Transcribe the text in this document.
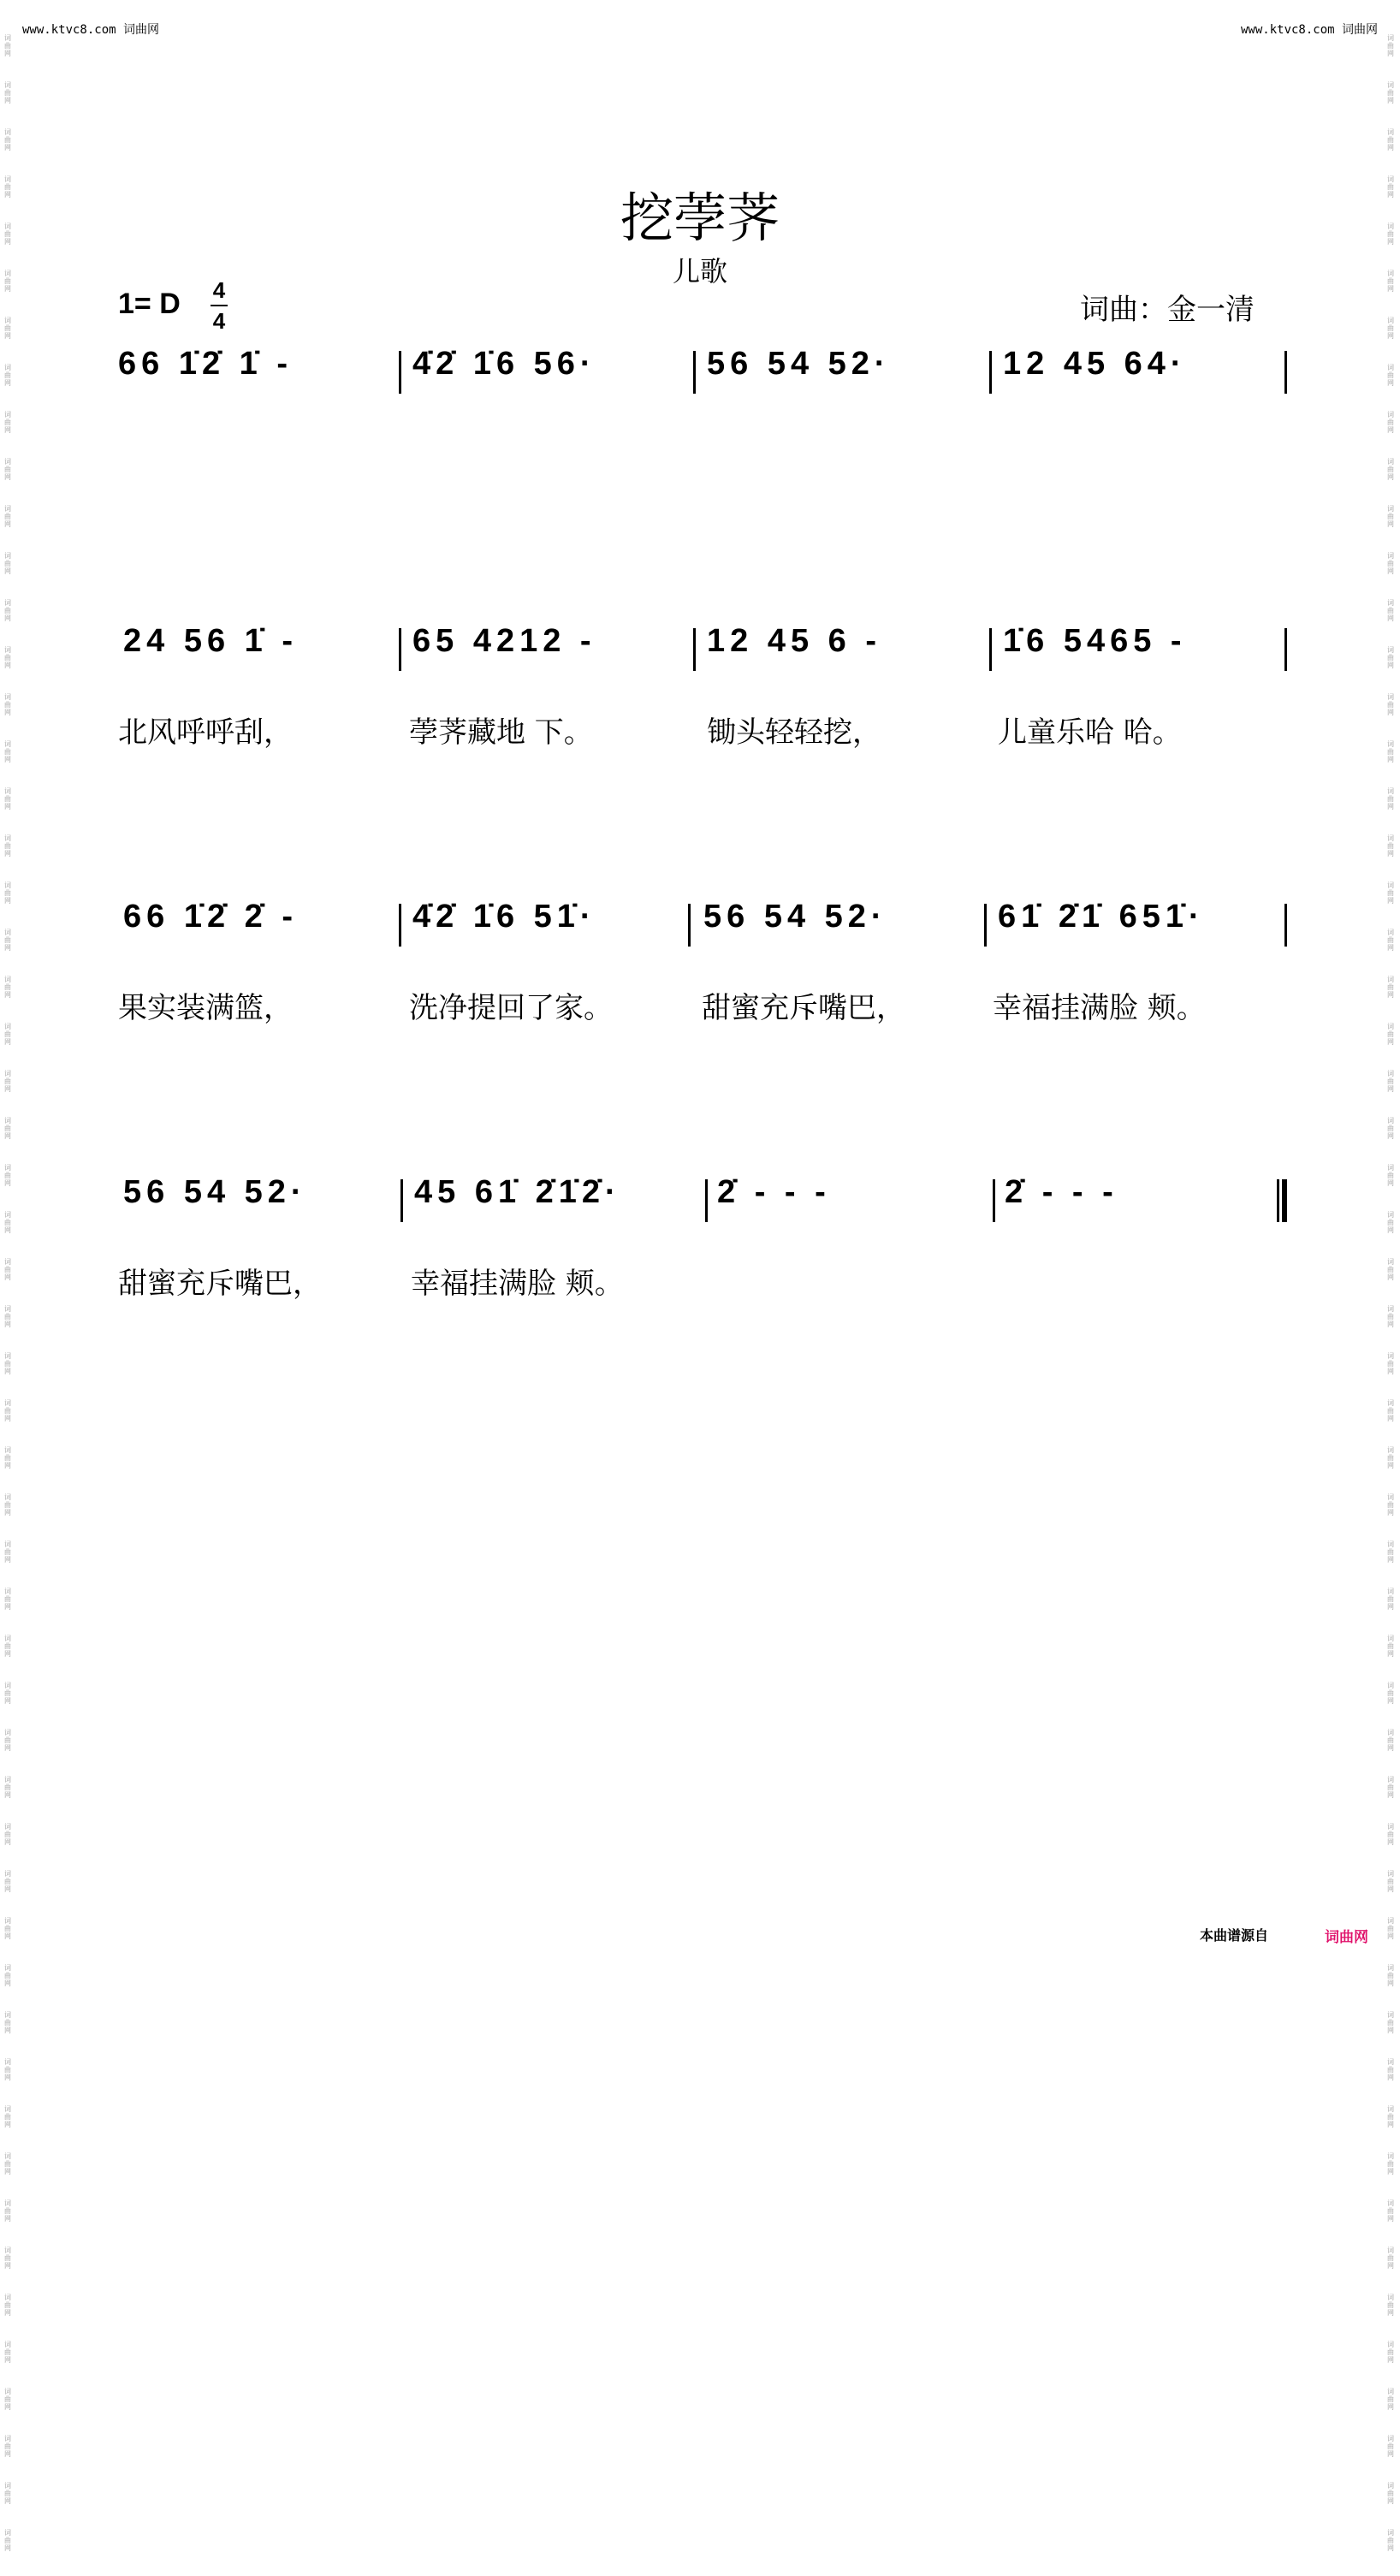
www.ktvc8.com 词曲网	www.ktvc8.com 词曲网
词
曲
网
词
曲
网
词
曲
网
词
曲
网
词
曲
网
词
曲
网
词
曲
网
词
曲
网
词
曲
网
词
曲
网
词
曲
网
词
曲
网
词
曲
网
词
曲
网
词
曲
网
词
曲
网
词
曲
网
词
曲
网
词
曲
网
词
曲
网
词
曲
网
词
曲
网
词
曲
网
词
曲
网
词
曲
网
词
曲
网
词
曲
网
词
曲
网
词
曲
网
词
曲
网
词
曲
网
词
曲
网
词
曲
网
词
曲
网
词
曲
网
词
曲
网
词
曲
网
词
曲
网
词
曲
网
词
曲
网
词
曲
网
词
曲
网
词
曲
网
词
曲
网
词
曲
网
词
曲
网
词
曲
网
词
曲
网
词
曲
网
词
曲
网
词
曲
网
词
曲
网
词
曲
网
词
曲
网
词
曲
网
词
曲
网
词
曲
网
词
曲
网
词
曲
网
词
曲
网
词
曲
网
词
曲
网
词
曲
网
词
曲
网
词
曲
网
词
曲
网
词
曲
网
词
曲
网
词
曲
网
词
曲
网
词
曲
网
词
曲
网
词
曲
网
词
曲
网
词
曲
网
词
曲
网
词
曲
网
词
曲
网
词
曲
网
词
曲
网
词
曲
网
词
曲
网
词
曲
网
词
曲
网
词
曲
网
词
曲
网
词
曲
网
词
曲
网
词
曲
网
词
曲
网
词
曲
网
词
曲
网
词
曲
网
词
曲
网
词
曲
网
词
曲
网
词
曲
网
词
曲
网
词
曲
网
词
曲
网
词
曲
网
词
曲
网
词
曲
网
词
曲
网
词
曲
网
词
曲
网
词
曲
网
词
曲
网
挖荸荠
儿歌
1= D 4
4	词曲：金一清
66 1̇2̇ 1̇ -	4̇2̇ 1̇6 56·	56 54 52·	12 45 64·
24 56 1̇ -	65 4212 -	12 45 6 -	1̇6 5465 -
北风呼呼刮，	荸荠藏地 下。	锄头轻轻挖，	儿童乐哈 哈。
66 1̇2̇ 2̇ -	4̇2̇ 1̇6 51̇·	56 54 52·	61̇ 2̇1̇ 651̇·
果实装满篮，	洗净提回了家。	甜蜜充斥嘴巴，	幸福挂满脸 颊。
56 54 52·	45 61̇ 2̇1̇2̇·	2̇ - - -	2̇ - - -
甜蜜充斥嘴巴，	幸福挂满脸 颊。
本曲谱源自	词曲网
